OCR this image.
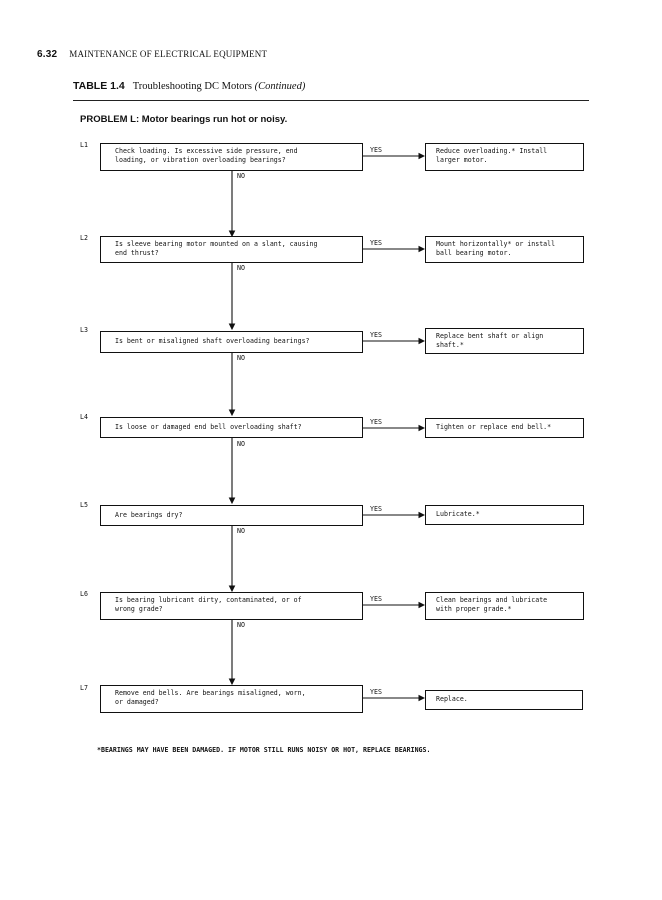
6.32 MAINTENANCE OF ELECTRICAL EQUIPMENT
TABLE 1.4 Troubleshooting DC Motors (Continued)
PROBLEM L: Motor bearings run hot or noisy.
L1
Check loading. Is excessive side pressure, end
loading, or vibration overloading bearings?
YES
NO
Reduce overloading.* Install
larger motor.
L2
Is sleeve bearing motor mounted on a slant, causing
end thrust?
YES
NO
Mount horizontally* or install
ball bearing motor.
L3
Is bent or misaligned shaft overloading bearings?
YES
NO
Replace bent shaft or align
shaft.*
L4
Is loose or damaged end bell overloading shaft?
YES
NO
Tighten or replace end bell.*
L5
Are bearings dry?
YES
NO
Lubricate.*
L6
Is bearing lubricant dirty, contaminated, or of
wrong grade?
YES
NO
Clean bearings and lubricate
with proper grade.*
L7
Remove end bells. Are bearings misaligned, worn,
or damaged?
YES
Replace.
*BEARINGS MAY HAVE BEEN DAMAGED. IF MOTOR STILL RUNS NOISY OR HOT, REPLACE BEARINGS.
